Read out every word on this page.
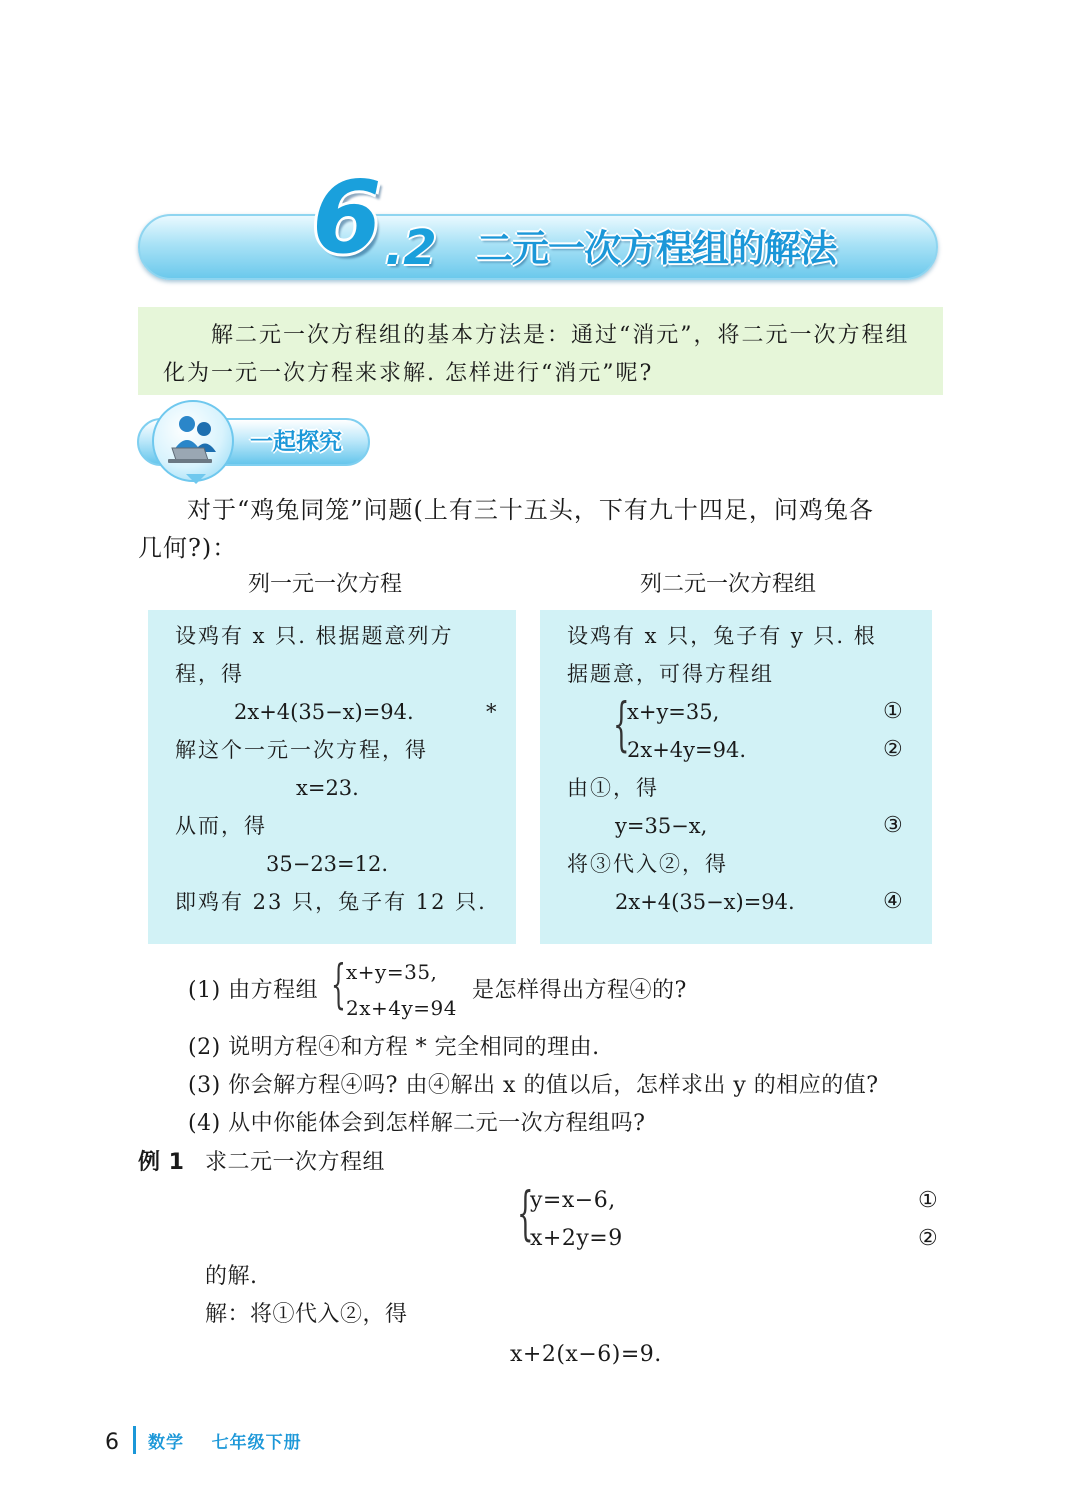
6 .2 二元一次方程组的解法

解二元一次方程组的基本方法是：通过“消元”，将二元一次方程组

化为一元一次方程来求解. 怎样进行“消元”呢?

一起探究
对于“鸡兔同笼”问题(上有三十五头，下有九十四足，问鸡兔各
几何?)：
列一元一次方程	列二元一次方程组
设鸡有 x 只. 根据题意列方
程，得
2x+4(35−x)=94.	*
解这个一元一次方程，得
x=23.
从而，得
35−23=12.
即鸡有 23 只，兔子有 12 只.
设鸡有 x 只，兔子有 y 只. 根
据题意，可得方程组
{
x+y=35,
2x+4y=94.
①
②
由①，得
y=35−x,	③
将③代入②，得
2x+4(35−x)=94.	④
(1) 由方程组 { x+y=35,
2x+4y=94
是怎样得出方程④的?
(2) 说明方程④和方程 * 完全相同的理由.
(3) 你会解方程④吗? 由④解出 x 的值以后，怎样求出 y 的相应的值?
(4) 从中你能体会到怎样解二元一次方程组吗?
例 1 求二元一次方程组
{
y=x−6,
x+2y=9
①
②
的解.
解：将①代入②，得
x+2(x−6)=9.
6 数学    七年级下册
